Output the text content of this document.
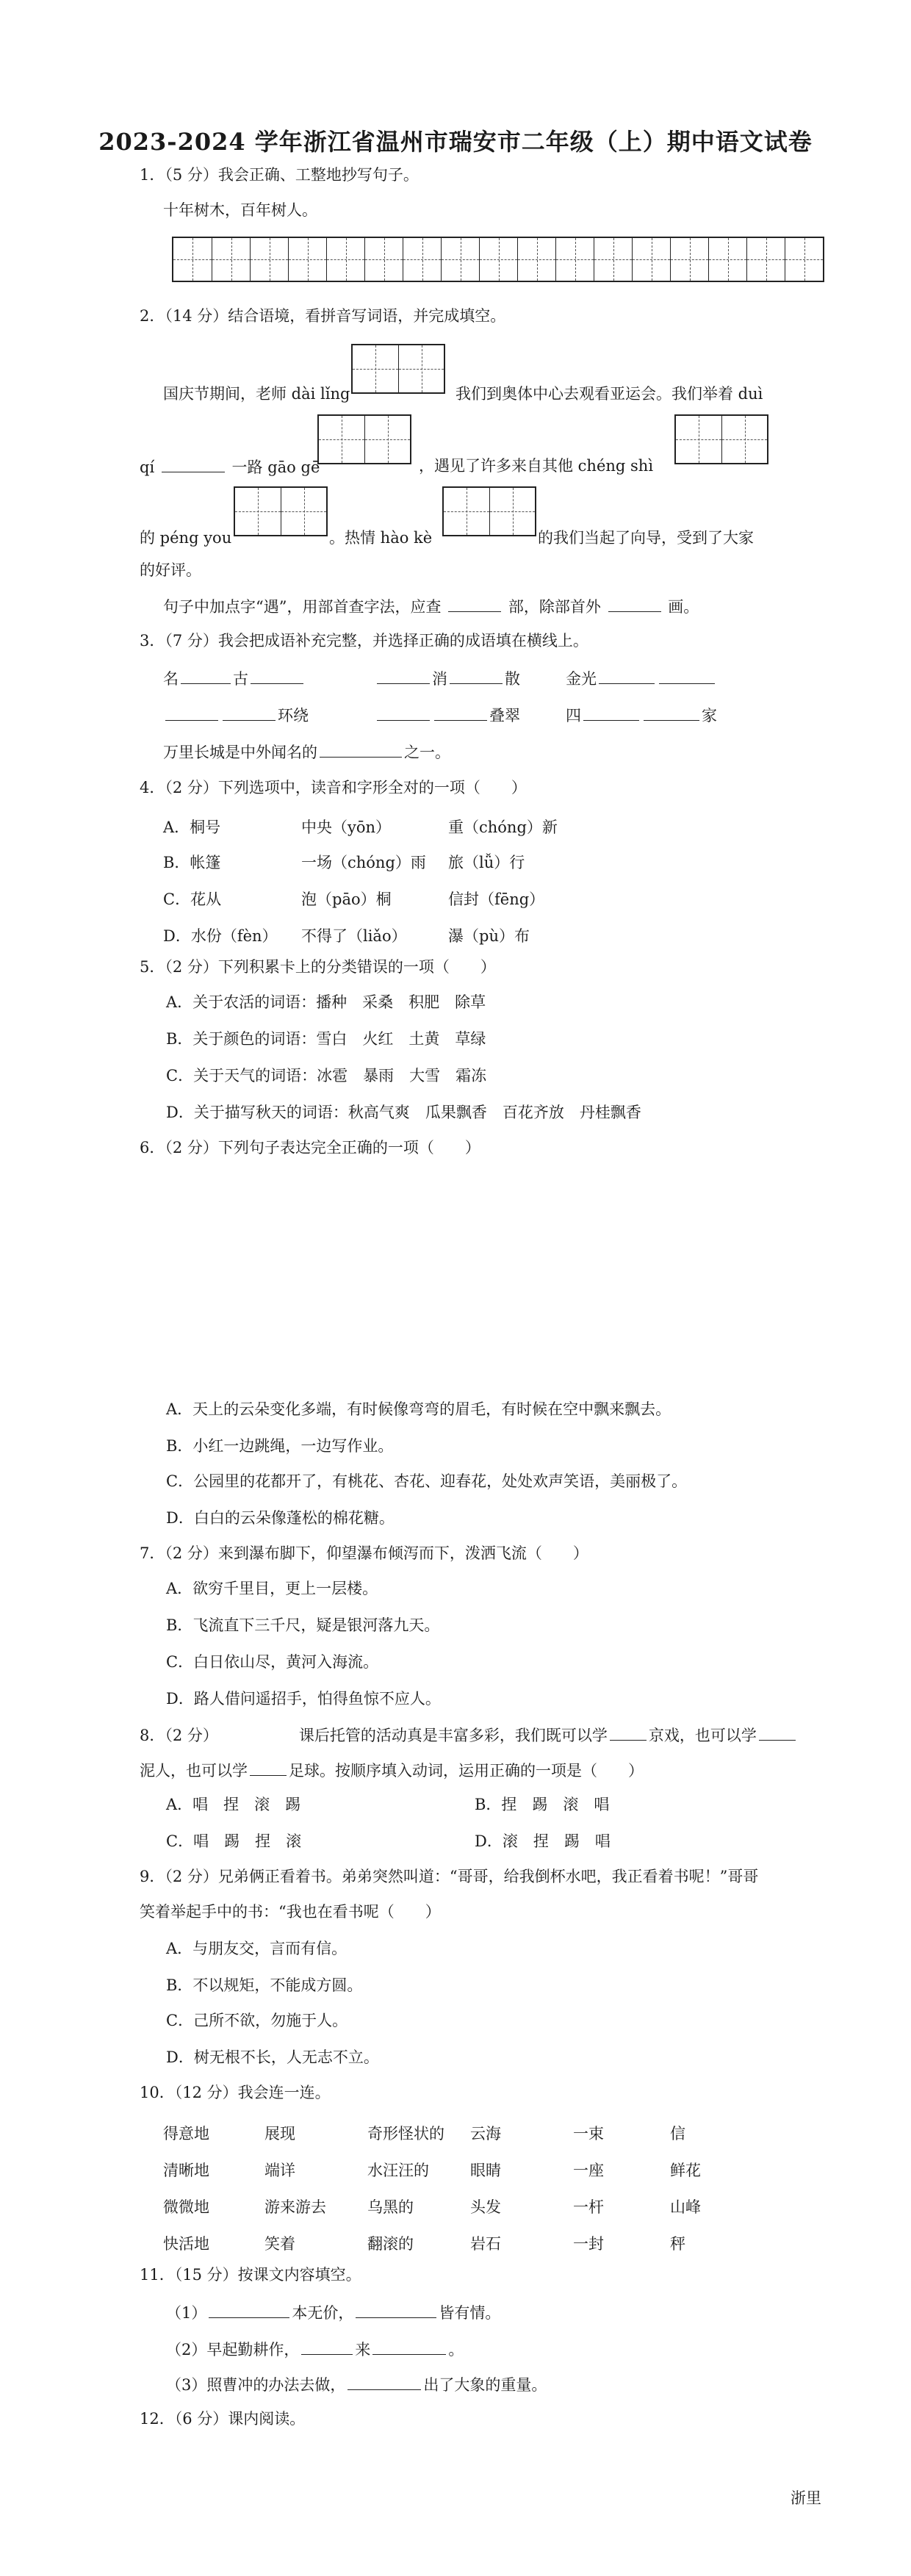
2023-2024 学年浙江省温州市瑞安市二年级（上）期中语文试卷
1．（5 分）我会正确、工整地抄写句子。
十年树木，百年树人。
2．（14 分）结合语境，看拼音写词语，并完成填空。
国庆节期间，老师 dài lǐng	我们到奥体中心去观看亚运会。我们举着 duì
qí	一路 gāo gē	，遇见了许多来自其他 chéng shì
的 péng you	。热情 hào kè	的我们当起了向导，受到了大家
的好评。
句子中加点字“遇”，用部首查字法，应查	部，除部首外	画。
3．（7 分）我会把成语补充完整，并选择正确的成语填在横线上。
名	古	消	散	金光
环绕	叠翠	四	家
万里长城是中外闻名的	之一。
4．（2 分）下列选项中，读音和字形全对的一项（　　）
A．桐号	中央（yōn）	重（chóng）新
B．帐篷	一场（chóng）雨 旅（lǚ）行
C．花从	泡（pāo）桐	信封（fēng）
D．水份（fèn） 不得了（liǎo）	瀑（pù）布
5．（2 分）下列积累卡上的分类错误的一项（　　）
A．关于农活的词语：播种　采桑　积肥　除草
B．关于颜色的词语：雪白　火红　土黄　草绿
C．关于天气的词语：冰雹　暴雨　大雪　霜冻
D．关于描写秋天的词语：秋高气爽　瓜果飘香　百花齐放　丹桂飘香
6．（2 分）下列句子表达完全正确的一项（　　）
A．天上的云朵变化多端，有时候像弯弯的眉毛，有时候在空中飘来飘去。
B．小红一边跳绳，一边写作业。
C．公园里的花都开了，有桃花、杏花、迎春花，处处欢声笑语，美丽极了。
D．白白的云朵像蓬松的棉花糖。
7．（2 分）来到瀑布脚下，仰望瀑布倾泻而下，泼洒飞流（　　）
A．欲穷千里目，更上一层楼。
B．飞流直下三千尺，疑是银河落九天。
C．白日依山尽，黄河入海流。
D．路人借问遥招手，怕得鱼惊不应人。
8．（2 分）	课后托管的活动真是丰富多彩，我们既可以学	京戏，也可以学
泥人，也可以学	足球。按顺序填入动词，运用正确的一项是（　　）
A．唱　捏　滚　踢	B．捏　踢　滚　唱
C．唱　踢　捏　滚	D．滚　捏　踢　唱
9．（2 分）兄弟俩正看着书。弟弟突然叫道：“哥哥，给我倒杯水吧，我正看着书呢！”哥哥
笑着举起手中的书：“我也在看书呢（　　）
A．与朋友交，言而有信。
B．不以规矩，不能成方圆。
C．己所不欲，勿施于人。
D．树无根不长，人无志不立。
10．（12 分）我会连一连。
得意地	展现	奇形怪状的 云海	一束	信
清晰地	端详	水汪汪的	眼睛	一座	鲜花
微微地	游来游去	乌黑的	头发	一杆	山峰
快活地	笑着	翻滚的	岩石	一封	秤
11．（15 分）按课文内容填空。
（1）	本无价，	皆有情。
（2）早起勤耕作，	来	。
（3）照曹冲的办法去做，	出了大象的重量。
12．（6 分）课内阅读。
浙里
